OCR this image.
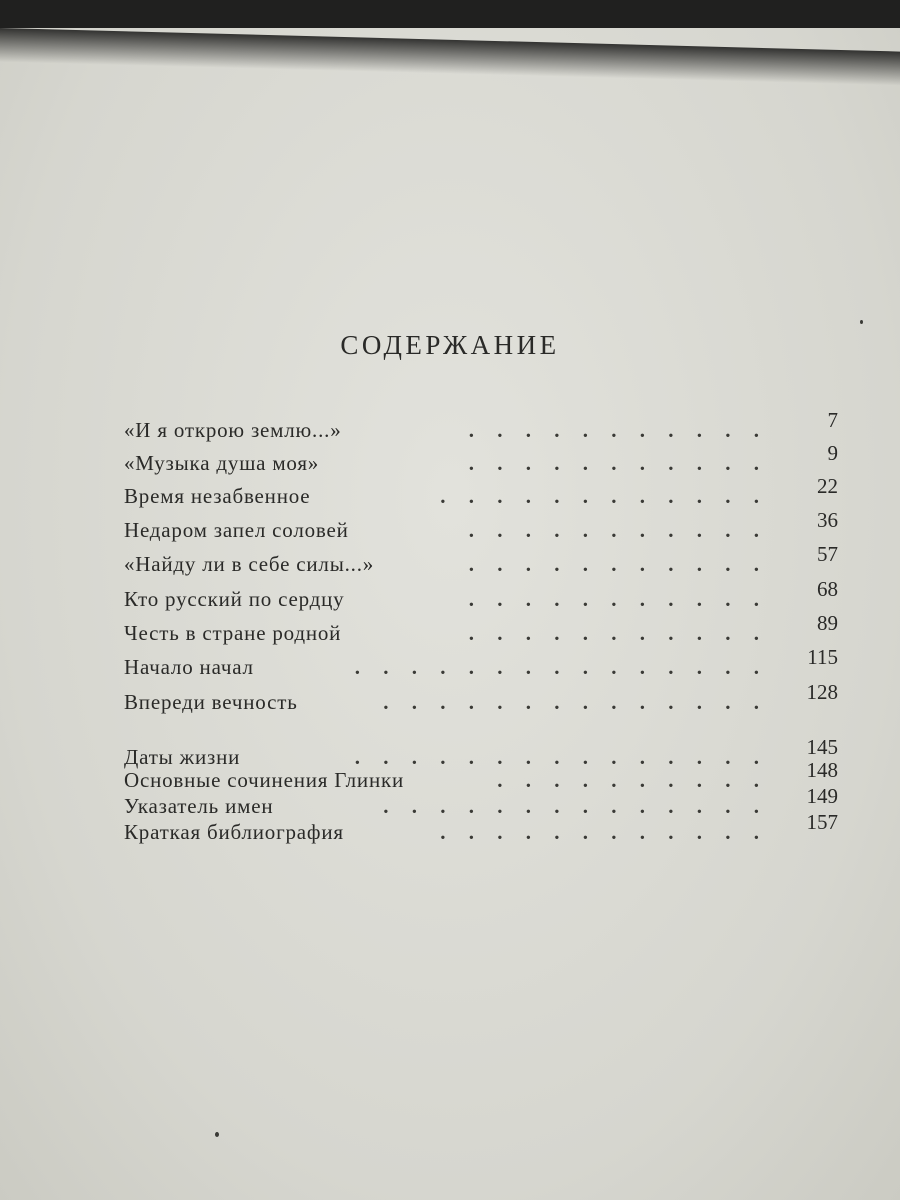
СОДЕРЖАНИЕ
«И я открою землю...»	. . . . . . . . . . .	7
«Музыка душа моя»	. . . . . . . . . . .	9
Время незабвенное	. . . . . . . . . . . . 22
Недаром запел соловей	. . . . . . . . . . . 36
«Найду ли в себе силы...»	. . . . . . . . . . . 57
Кто русский по сердцу	. . . . . . . . . . . 68
Честь в стране родной	. . . . . . . . . . . 89
Начало начал	. . . . . . . . . . . . . . . 115
Впереди вечность	. . . . . . . . . . . . . . 128
Даты жизни	. . . . . . . . . . . . . . . 145
Основные сочинения Глинки	. . . . . . . . . . 148
Указатель имен	. . . . . . . . . . . . . . 149
Краткая библиография	. . . . . . . . . . . . 157
